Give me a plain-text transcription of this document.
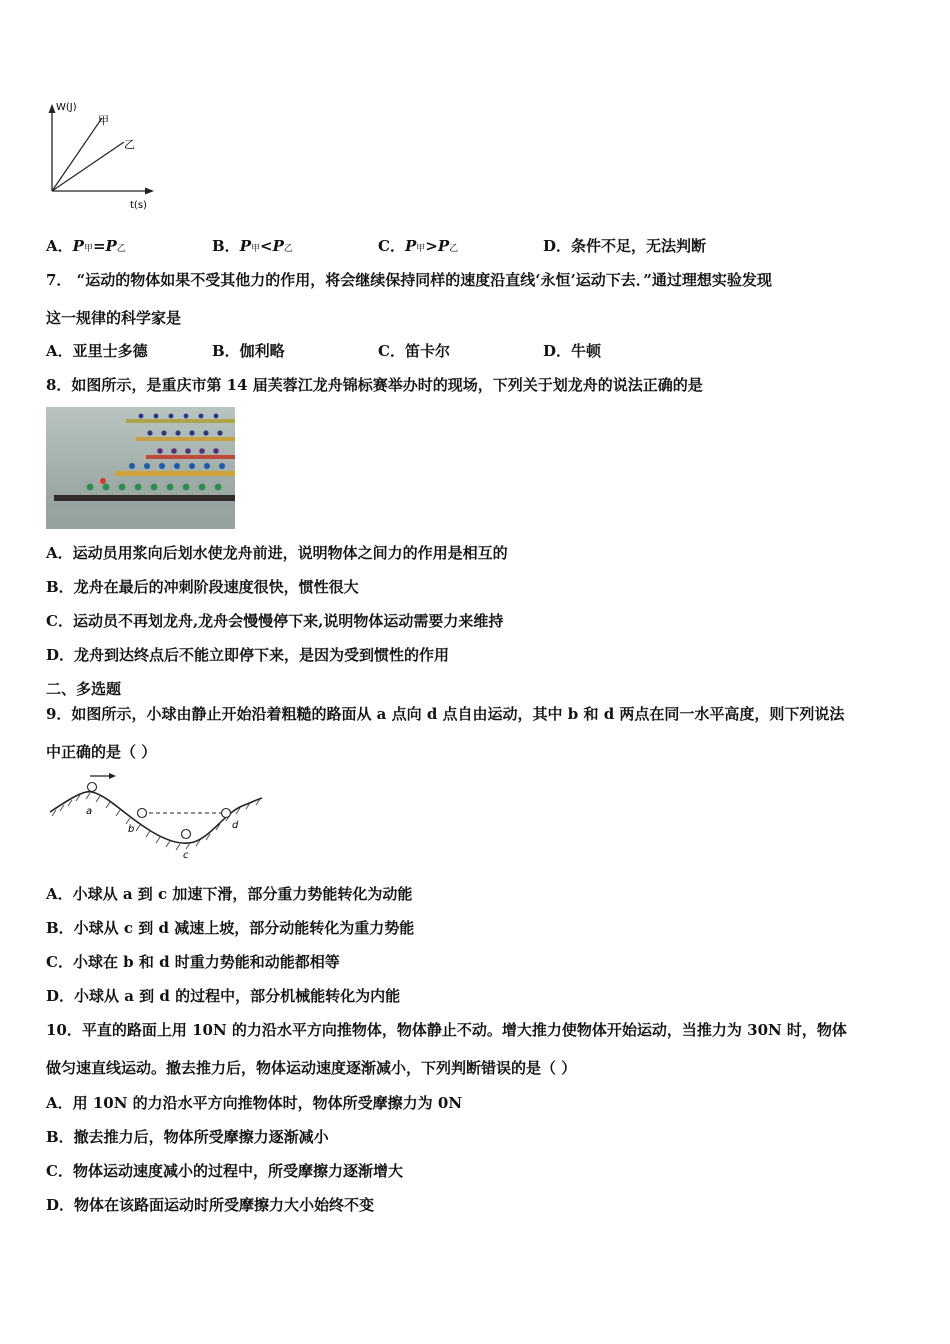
W(J)
t(s)
甲
乙
A．P甲=P乙	B．P甲<P乙	C．P甲>P乙	D．条件不足，无法判断
7． “运动的物体如果不受其他力的作用，将会继续保持同样的速度沿直线‘永恒’运动下去．”通过理想实验发现
这一规律的科学家是
A．亚里士多德	B．伽利略	C．笛卡尔	D．牛顿
8．如图所示，是重庆市第 14 届芙蓉江龙舟锦标赛举办时的现场，下列关于划龙舟的说法正确的是
A．运动员用浆向后划水使龙舟前进，说明物体之间力的作用是相互的
B．龙舟在最后的冲刺阶段速度很快，惯性很大
C．运动员不再划龙舟,龙舟会慢慢停下来,说明物体运动需要力来维持
D．龙舟到达终点后不能立即停下来，是因为受到惯性的作用
二、多选题
9．如图所示，小球由静止开始沿着粗糙的路面从 a 点向 d 点自由运动，其中 b 和 d 两点在同一水平高度，则下列说法
中正确的是（ ）
a
b
c
d
A．小球从 a 到 c 加速下滑，部分重力势能转化为动能
B．小球从 c 到 d 减速上坡，部分动能转化为重力势能
C．小球在 b 和 d 时重力势能和动能都相等
D．小球从 a 到 d 的过程中，部分机械能转化为内能
10．平直的路面上用 10N 的力沿水平方向推物体，物体静止不动。增大推力使物体开始运动，当推力为 30N 时，物体
做匀速直线运动。撤去推力后，物体运动速度逐渐减小，下列判断错误的是（ ）
A．用 10N 的力沿水平方向推物体时，物体所受摩擦力为 0N
B．撤去推力后，物体所受摩擦力逐渐减小
C．物体运动速度减小的过程中，所受摩擦力逐渐增大
D．物体在该路面运动时所受摩擦力大小始终不变
